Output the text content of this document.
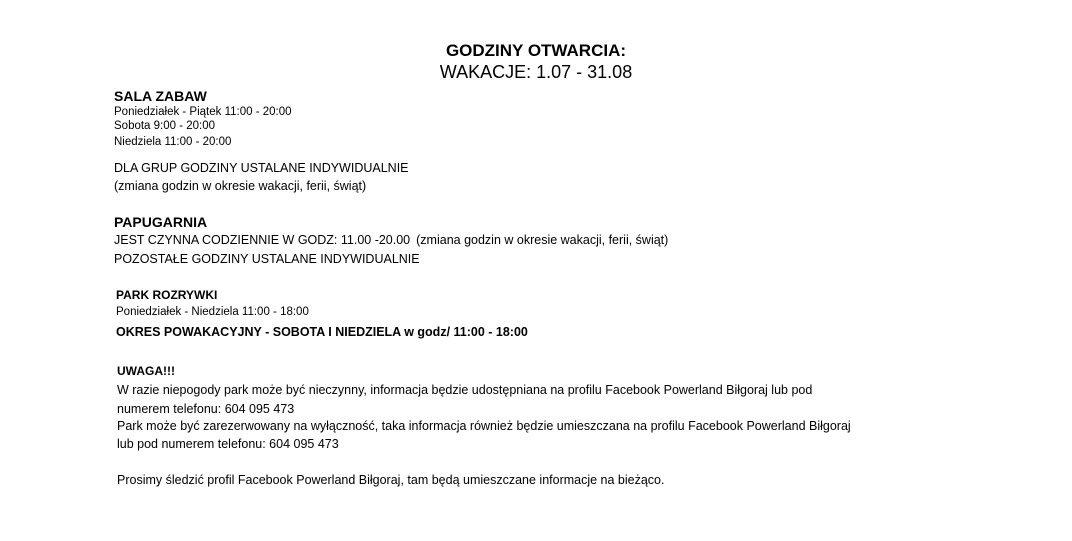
GODZINY OTWARCIA:
WAKACJE: 1.07 - 31.08
SALA ZABAW
Poniedziałek - Piątek 11:00 - 20:00
Sobota 9:00 - 20:00
Niedziela 11:00 - 20:00
DLA GRUP GODZINY USTALANE INDYWIDUALNIE
(zmiana godzin w okresie wakacji, ferii, świąt)
PAPUGARNIA
JEST CZYNNA CODZIENNIE W GODZ: 11.00 -20.00 (zmiana godzin w okresie wakacji, ferii, świąt)
POZOSTAŁE GODZINY USTALANE INDYWIDUALNIE
PARK ROZRYWKI
Poniedziałek - Niedziela 11:00 - 18:00
OKRES POWAKACYJNY - SOBOTA I NIEDZIELA w godz/ 11:00 - 18:00
UWAGA!!!
W razie niepogody park może być nieczynny, informacja będzie udostępniana na profilu Facebook Powerland Biłgoraj lub pod
numerem telefonu: 604 095 473
Park może być zarezerwowany na wyłączność, taka informacja również będzie umieszczana na profilu Facebook Powerland Biłgoraj
lub pod numerem telefonu: 604 095 473
Prosimy śledzić profil Facebook Powerland Biłgoraj, tam będą umieszczane informacje na bieżąco.
